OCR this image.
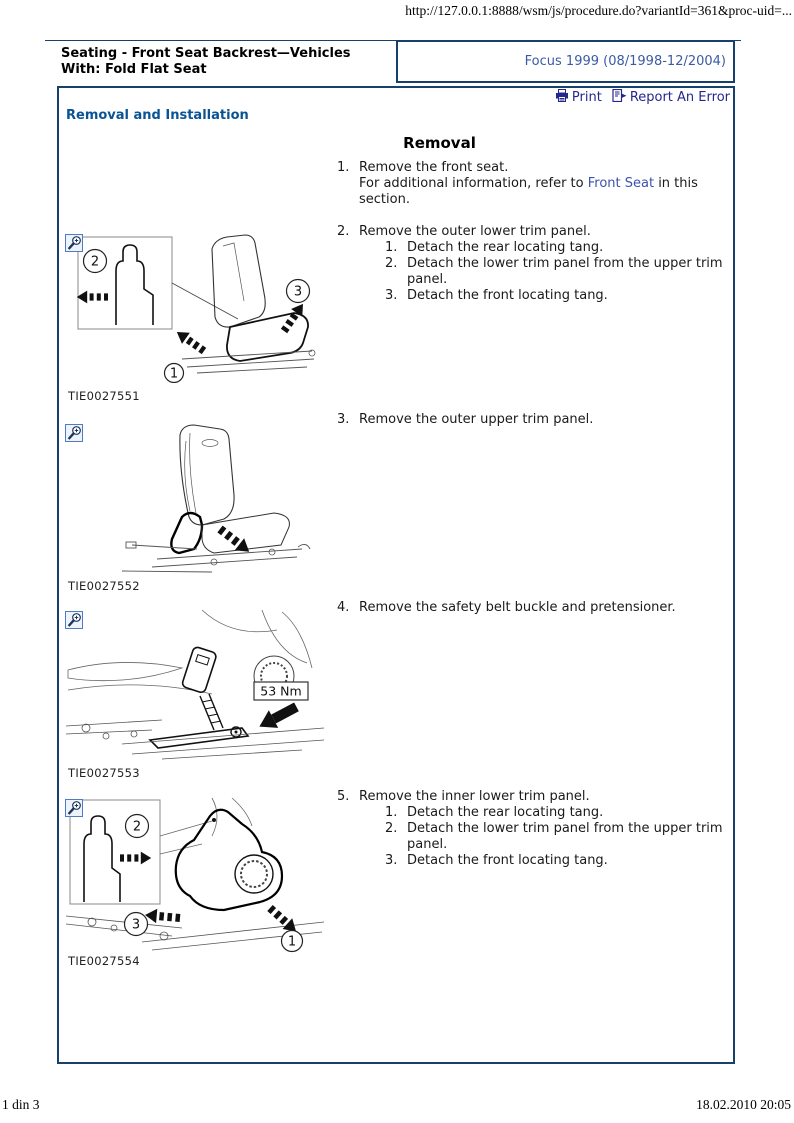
http://127.0.0.1:8888/wsm/js/procedure.do?variantId=361&proc-uid=...
Seating - Front Seat Backrest—Vehicles With: Fold Flat Seat
Focus 1999 (08/1998-12/2004)
Print Report An Error
Removal and Installation
Removal
1. Remove the front seat.
For additional information, refer to Front Seat in this section.
2. Remove the outer lower trim panel.
1. Detach the rear locating tang.
2. Detach the lower trim panel from the upper trim panel.
3. Detach the front locating tang.
3. Remove the outer upper trim panel.
4. Remove the safety belt buckle and pretensioner.
5. Remove the inner lower trim panel.
1. Detach the rear locating tang.
2. Detach the lower trim panel from the upper trim panel.
3. Detach the front locating tang.
2
3
1
TIE0027551
TIE0027552
53 Nm
TIE0027553
2
3
1
TIE0027554
1 din 3	18.02.2010 20:05
